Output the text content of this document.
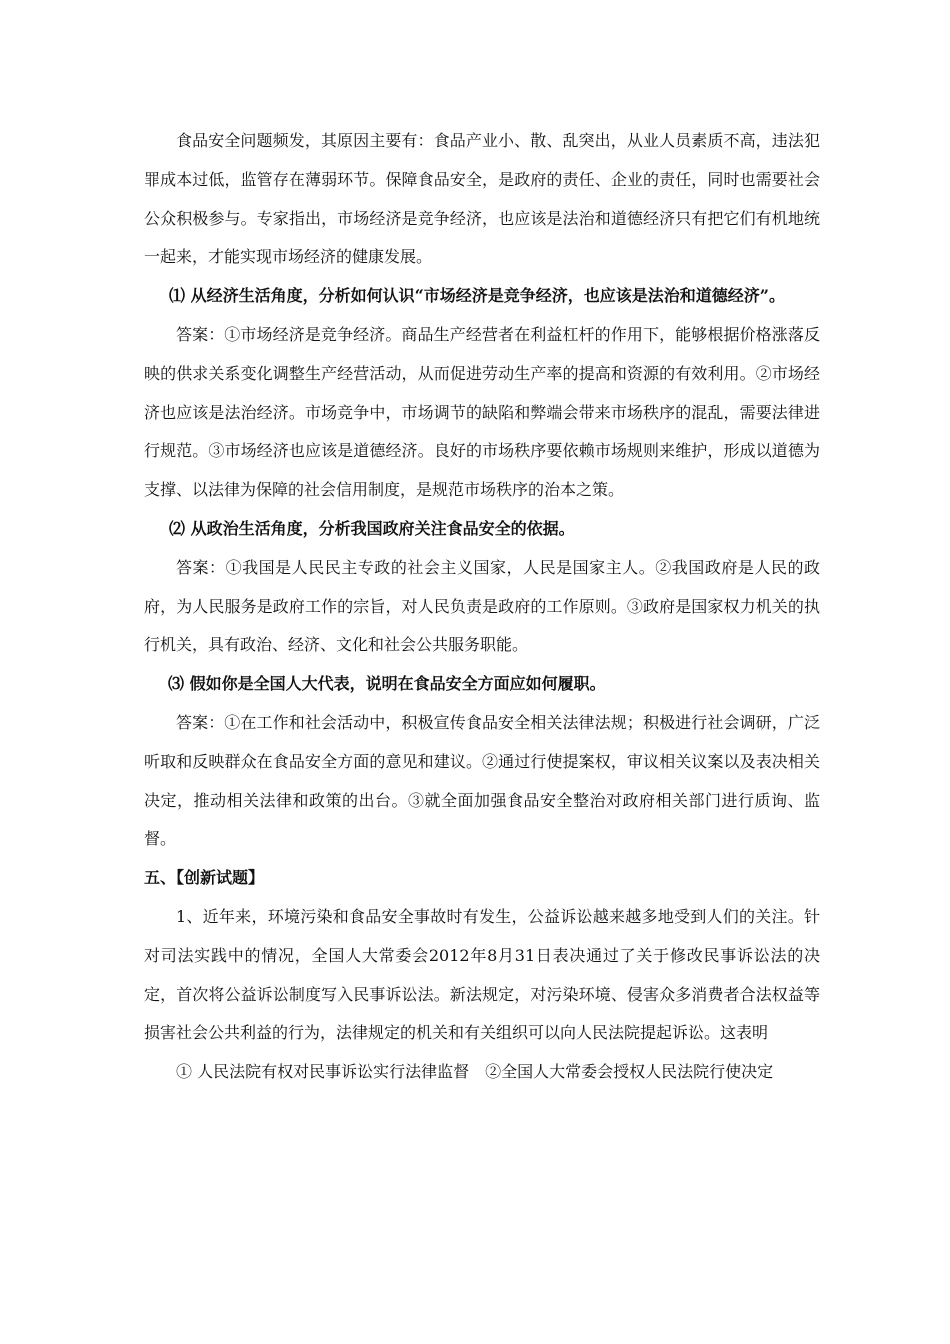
食品安全问题频发，其原因主要有：食品产业小、散、乱突出，从业人员素质不高，违法犯罪成本过低，监管存在薄弱环节。保障食品安全，是政府的责任、企业的责任，同时也需要社会公众积极参与。专家指出，市场经济是竞争经济，也应该是法治和道德经济只有把它们有机地统一起来，才能实现市场经济的健康发展。

⑴ 从经济生活角度，分析如何认识“市场经济是竞争经济，也应该是法治和道德经济”。

答案：①市场经济是竞争经济。商品生产经营者在利益杠杆的作用下，能够根据价格涨落反映的供求关系变化调整生产经营活动，从而促进劳动生产率的提高和资源的有效利用。②市场经济也应该是法治经济。市场竞争中，市场调节的缺陷和弊端会带来市场秩序的混乱，需要法律进行规范。③市场经济也应该是道德经济。良好的市场秩序要依赖市场规则来维护，形成以道德为支撑、以法律为保障的社会信用制度，是规范市场秩序的治本之策。

⑵ 从政治生活角度，分析我国政府关注食品安全的依据。

答案：①我国是人民民主专政的社会主义国家，人民是国家主人。②我国政府是人民的政府，为人民服务是政府工作的宗旨，对人民负责是政府的工作原则。③政府是国家权力机关的执行机关，具有政治、经济、文化和社会公共服务职能。

⑶ 假如你是全国人大代表，说明在食品安全方面应如何履职。

答案：①在工作和社会活动中，积极宣传食品安全相关法律法规；积极进行社会调研，广泛听取和反映群众在食品安全方面的意见和建议。②通过行使提案权，审议相关议案以及表决相关决定，推动相关法律和政策的出台。③就全面加强食品安全整治对政府相关部门进行质询、监督。

五、【创新试题】

1、近年来，环境污染和食品安全事故时有发生，公益诉讼越来越多地受到人们的关注。针对司法实践中的情况，全国人大常委会2012年8月31日表决通过了关于修改民事诉讼法的决定，首次将公益诉讼制度写入民事诉讼法。新法规定，对污染环境、侵害众多消费者合法权益等损害社会公共利益的行为，法律规定的机关和有关组织可以向人民法院提起诉讼。这表明

① 人民法院有权对民事诉讼实行法律监督　②全国人大常委会授权人民法院行使决定
